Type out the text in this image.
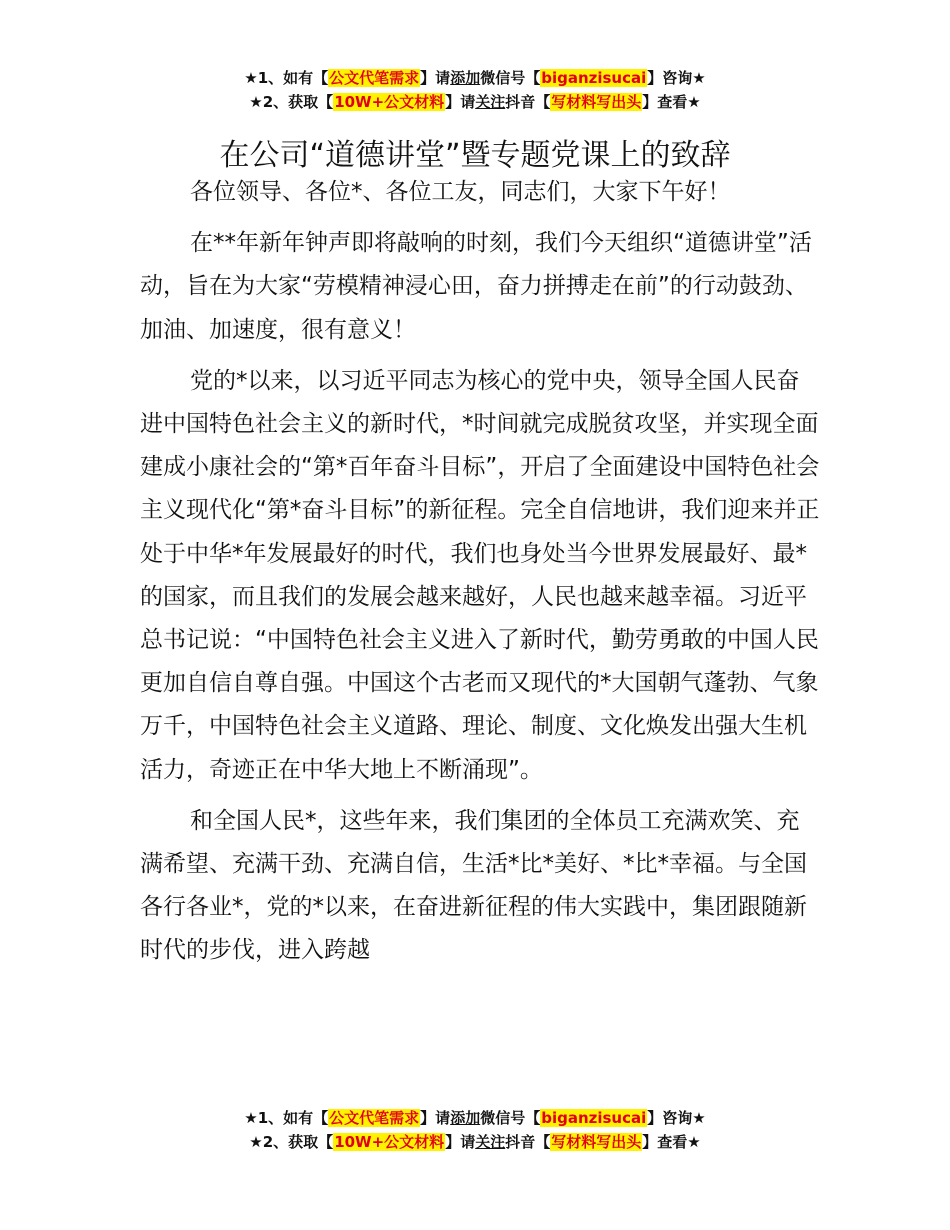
★1、如有【公文代笔需求】请添加微信号【biganzisucai】咨询★
★2、获取【10W+公文材料】请关注抖音【写材料写出头】查看★
在公司“道德讲堂”暨专题党课上的致辞

各位领导、各位*、各位工友，同志们，大家下午好！

在**年新年钟声即将敲响的时刻，我们今天组织“道德讲堂”活动，旨在为大家“劳模精神浸心田，奋力拼搏走在前”的行动鼓劲、加油、加速度，很有意义！

党的*以来，以习近平同志为核心的党中央，领导全国人民奋进中国特色社会主义的新时代，*时间就完成脱贫攻坚，并实现全面建成小康社会的“第*百年奋斗目标”，开启了全面建设中国特色社会主义现代化“第*奋斗目标”的新征程。完全自信地讲，我们迎来并正处于中华*年发展最好的时代，我们也身处当今世界发展最好、最*的国家，而且我们的发展会越来越好，人民也越来越幸福。习近平总书记说：“中国特色社会主义进入了新时代，勤劳勇敢的中国人民更加自信自尊自强。中国这个古老而又现代的*大国朝气蓬勃、气象万千，中国特色社会主义道路、理论、制度、文化焕发出强大生机活力，奇迹正在中华大地上不断涌现”。

和全国人民*，这些年来，我们集团的全体员工充满欢笑、充满希望、充满干劲、充满自信，生活*比*美好、*比*幸福。与全国各行各业*，党的*以来，在奋进新征程的伟大实践中，集团跟随新时代的步伐，进入跨越

★1、如有【公文代笔需求】请添加微信号【biganzisucai】咨询★
★2、获取【10W+公文材料】请关注抖音【写材料写出头】查看★
